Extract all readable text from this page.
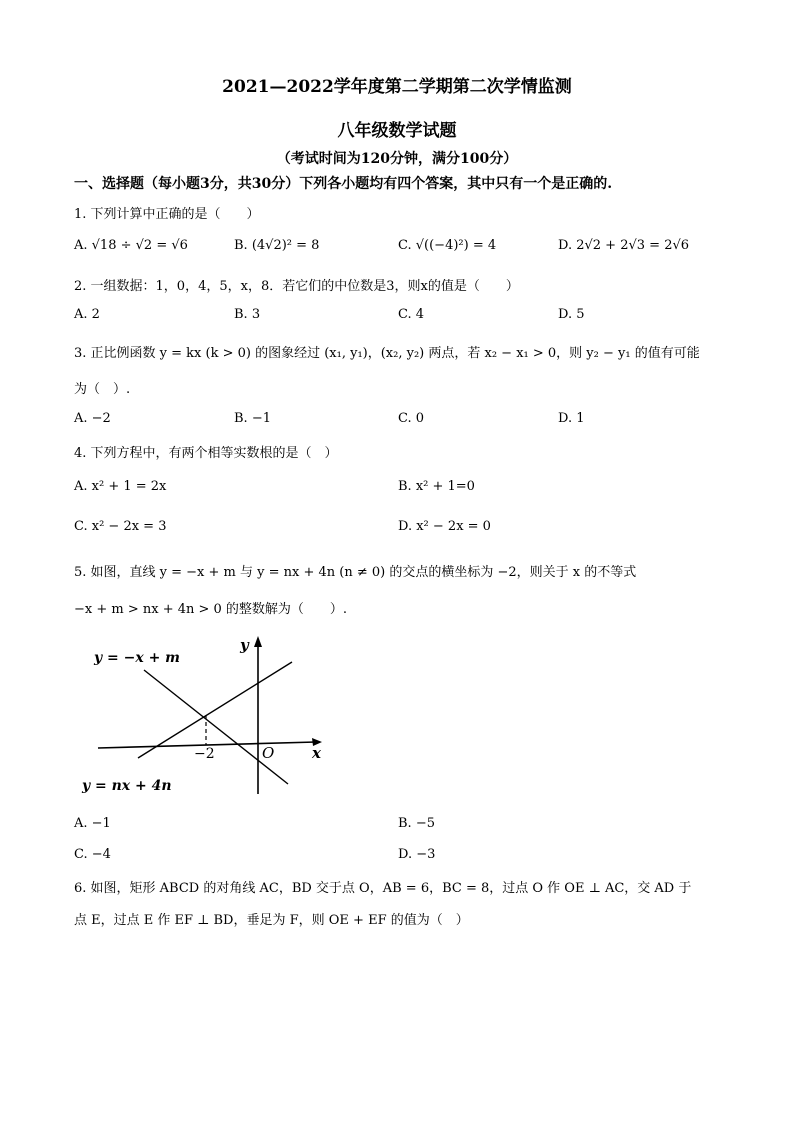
2021—2022学年度第二学期第二次学情监测
八年级数学试题
（考试时间为120分钟，满分100分）
一、选择题（每小题3分，共30分）下列各小题均有四个答案，其中只有一个是正确的.
1. 下列计算中正确的是（　　）
A. √18 ÷ √2 = √6	B. (4√2)² = 8	C. √((−4)²) = 4	D. 2√2 + 2√3 = 2√6
2. 一组数据：1，0，4，5，x，8．若它们的中位数是3，则x的值是（　　）
A. 2	B. 3	C. 4	D. 5
3. 正比例函数 y = kx (k > 0) 的图象经过 (x₁, y₁)，(x₂, y₂) 两点，若 x₂ − x₁ > 0，则 y₂ − y₁ 的值有可能
为（　）.
A. −2	B. −1	C. 0	D. 1
4. 下列方程中，有两个相等实数根的是（　）
A. x² + 1 = 2x	B. x² + 1=0
C. x² − 2x = 3	D. x² − 2x = 0
5. 如图，直线 y = −x + m 与 y = nx + 4n (n ≠ 0) 的交点的横坐标为 −2，则关于 x 的不等式
−x + m > nx + 4n > 0 的整数解为（　　）.
y = −x + m
y = nx + 4n
−2	O	x
y
A. −1	B. −5
C. −4	D. −3
6. 如图，矩形 ABCD 的对角线 AC，BD 交于点 O，AB = 6，BC = 8，过点 O 作 OE ⊥ AC，交 AD 于
点 E，过点 E 作 EF ⊥ BD，垂足为 F，则 OE + EF 的值为（　）
